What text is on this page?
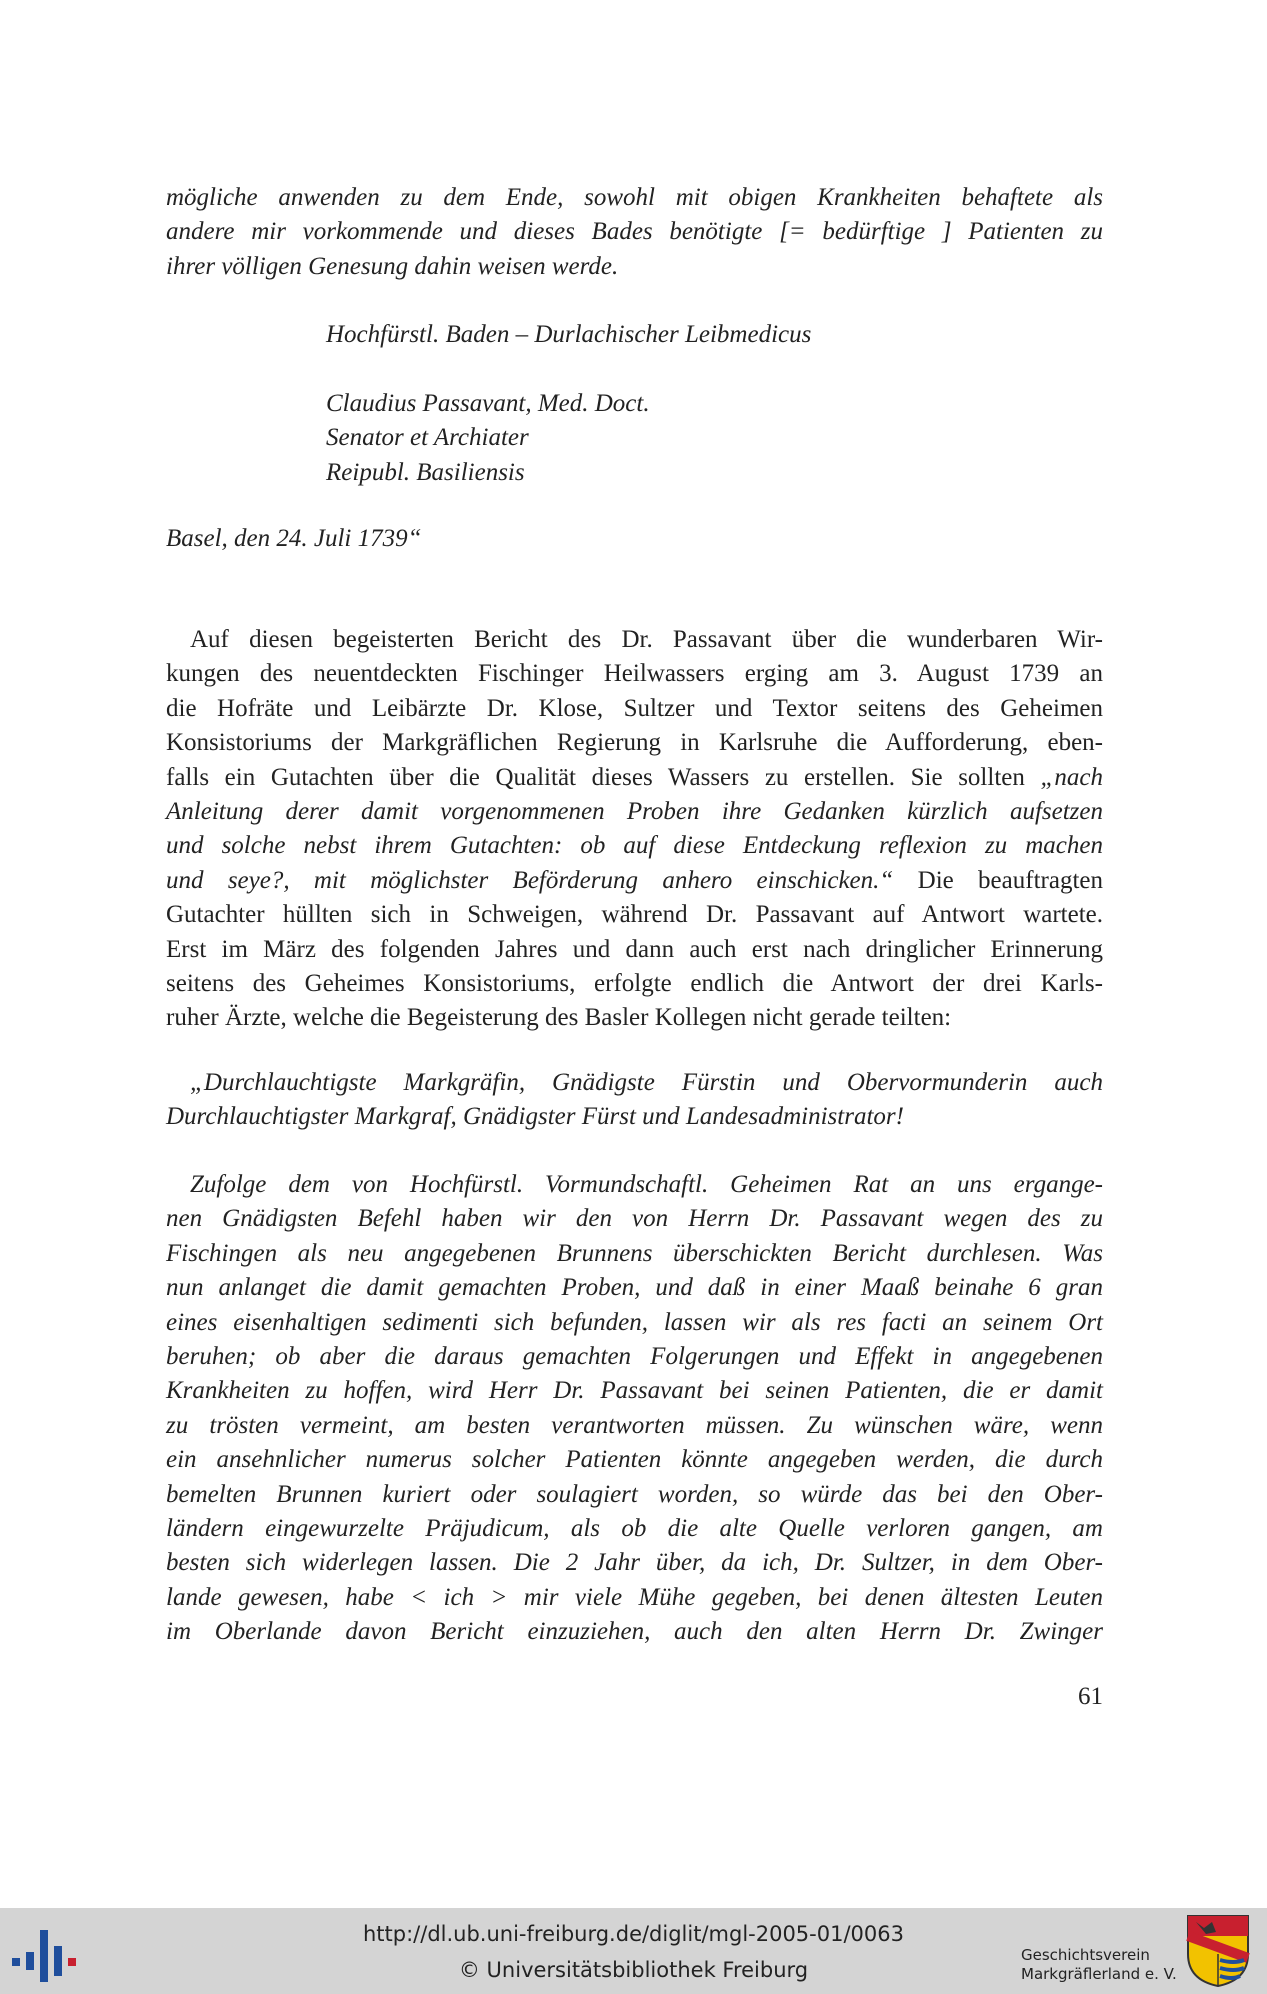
mögliche anwenden zu dem Ende, sowohl mit obigen Krankheiten behaftete als
andere mir vorkommende und dieses Bades benötigte [= bedürftige ] Patienten zu
ihrer völligen Genesung dahin weisen werde.
Hochfürstl. Baden – Durlachischer Leibmedicus
Claudius Passavant, Med. Doct.
Senator et Archiater
Reipubl. Basiliensis
Basel, den 24. Juli 1739“
Auf diesen begeisterten Bericht des Dr. Passavant über die wunderbaren Wir-
kungen des neuentdeckten Fischinger Heilwassers erging am 3. August 1739 an
die Hofräte und Leibärzte Dr. Klose, Sultzer und Textor seitens des Geheimen
Konsistoriums der Markgräflichen Regierung in Karlsruhe die Aufforderung, eben-
falls ein Gutachten über die Qualität dieses Wassers zu erstellen. Sie sollten „nach
Anleitung derer damit vorgenommenen Proben ihre Gedanken kürzlich aufsetzen
und solche nebst ihrem Gutachten: ob auf diese Entdeckung reflexion zu machen
und seye?, mit möglichster Beförderung anhero einschicken.“ Die beauftragten
Gutachter hüllten sich in Schweigen, während Dr. Passavant auf Antwort wartete.
Erst im März des folgenden Jahres und dann auch erst nach dringlicher Erinnerung
seitens des Geheimes Konsistoriums, erfolgte endlich die Antwort der drei Karls-
ruher Ärzte, welche die Begeisterung des Basler Kollegen nicht gerade teilten:
„Durchlauchtigste Markgräfin, Gnädigste Fürstin und Obervormunderin auch
Durchlauchtigster Markgraf, Gnädigster Fürst und Landesadministrator!
Zufolge dem von Hochfürstl. Vormundschaftl. Geheimen Rat an uns ergange-
nen Gnädigsten Befehl haben wir den von Herrn Dr. Passavant wegen des zu
Fischingen als neu angegebenen Brunnens überschickten Bericht durchlesen. Was
nun anlanget die damit gemachten Proben, und daß in einer Maaß beinahe 6 gran
eines eisenhaltigen sedimenti sich befunden, lassen wir als res facti an seinem Ort
beruhen; ob aber die daraus gemachten Folgerungen und Effekt in angegebenen
Krankheiten zu hoffen, wird Herr Dr. Passavant bei seinen Patienten, die er damit
zu trösten vermeint, am besten verantworten müssen. Zu wünschen wäre, wenn
ein ansehnlicher numerus solcher Patienten könnte angegeben werden, die durch
bemelten Brunnen kuriert oder soulagiert worden, so würde das bei den Ober-
ländern eingewurzelte Präjudicum, als ob die alte Quelle verloren gangen, am
besten sich widerlegen lassen. Die 2 Jahr über, da ich, Dr. Sultzer, in dem Ober-
lande gewesen, habe < ich > mir viele Mühe gegeben, bei denen ältesten Leuten
im Oberlande davon Bericht einzuziehen, auch den alten Herrn Dr. Zwinger
61
http://dl.ub.uni-freiburg.de/diglit/mgl-2005-01/0063
© Universitätsbibliothek Freiburg
Geschichtsverein
Markgräflerland e. V.
